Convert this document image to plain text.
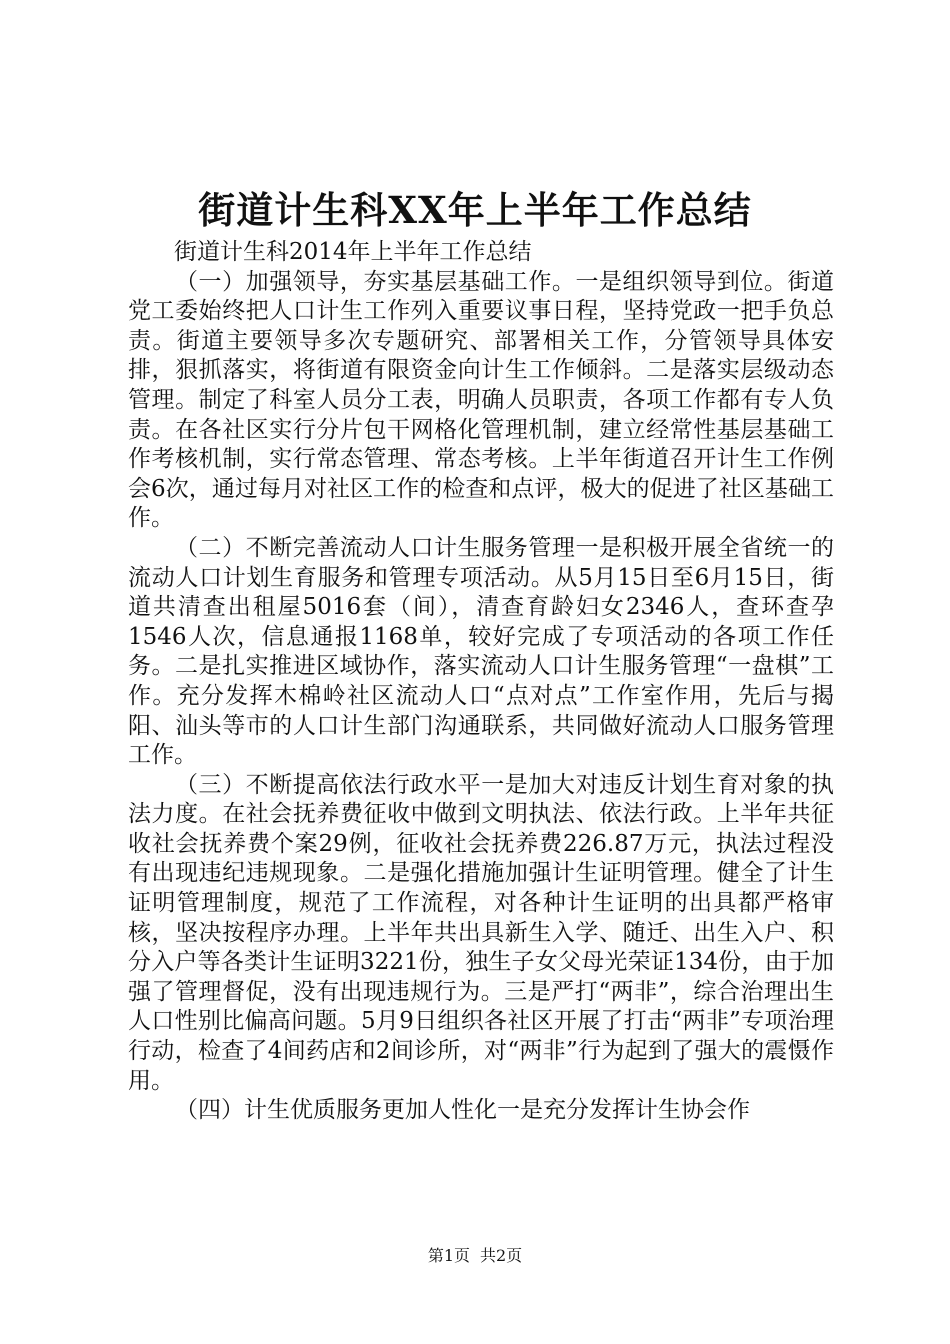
街道计生科XX年上半年工作总结

街道计生科2014年上半年工作总结

（一）加强领导，夯实基层基础工作。一是组织领导到位。街道党工委始终把人口计生工作列入重要议事日程，坚持党政一把手负总责。街道主要领导多次专题研究、部署相关工作，分管领导具体安排，狠抓落实，将街道有限资金向计生工作倾斜。二是落实层级动态管理。制定了科室人员分工表，明确人员职责，各项工作都有专人负责。在各社区实行分片包干网格化管理机制，建立经常性基层基础工作考核机制，实行常态管理、常态考核。上半年街道召开计生工作例会6次，通过每月对社区工作的检查和点评，极大的促进了社区基础工作。

（二）不断完善流动人口计生服务管理一是积极开展全省统一的流动人口计划生育服务和管理专项活动。从5月15日至6月15日，街道共清查出租屋5016套（间），清查育龄妇女2346人，查环查孕1546人次，信息通报1168单，较好完成了专项活动的各项工作任务。二是扎实推进区域协作，落实流动人口计生服务管理“一盘棋”工作。充分发挥木棉岭社区流动人口“点对点”工作室作用，先后与揭阳、汕头等市的人口计生部门沟通联系，共同做好流动人口服务管理工作。

（三）不断提高依法行政水平一是加大对违反计划生育对象的执法力度。在社会抚养费征收中做到文明执法、依法行政。上半年共征收社会抚养费个案29例，征收社会抚养费226.87万元，执法过程没有出现违纪违规现象。二是强化措施加强计生证明管理。健全了计生证明管理制度，规范了工作流程，对各种计生证明的出具都严格审核，坚决按程序办理。上半年共出具新生入学、随迁、出生入户、积分入户等各类计生证明3221份，独生子女父母光荣证134份，由于加强了管理督促，没有出现违规行为。三是严打“两非”，综合治理出生人口性别比偏高问题。5月9日组织各社区开展了打击“两非”专项治理行动，检查了4间药店和2间诊所，对“两非”行为起到了强大的震慑作用。

（四）计生优质服务更加人性化一是充分发挥计生协会作

第1页 共2页
